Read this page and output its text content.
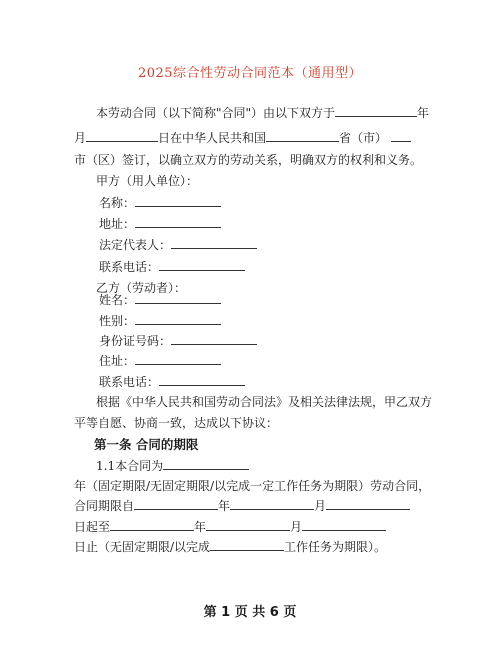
2025综合性劳动合同范本（通用型）
本劳动合同（以下简称"合同"）由以下双方于	年
月	日在中华人民共和国	省（市）
市（区）签订，以确立双方的劳动关系，明确双方的权利和义务。
甲方（用人单位）：
名称：
地址：
法定代表人：
联系电话：
乙方（劳动者）：
姓名：
性别：
身份证号码：
住址：
联系电话：
根据《中华人民共和国劳动合同法》及相关法律法规，甲乙双方
平等自愿、协商一致，达成以下协议：
第一条 合同的期限
1.1本合同为
年（固定期限/无固定期限/以完成一定工作任务为期限）劳动合同，
合同期限自	年	月
日起至	年	月
日止（无固定期限/以完成	工作任务为期限）。
第 1 页 共 6 页
